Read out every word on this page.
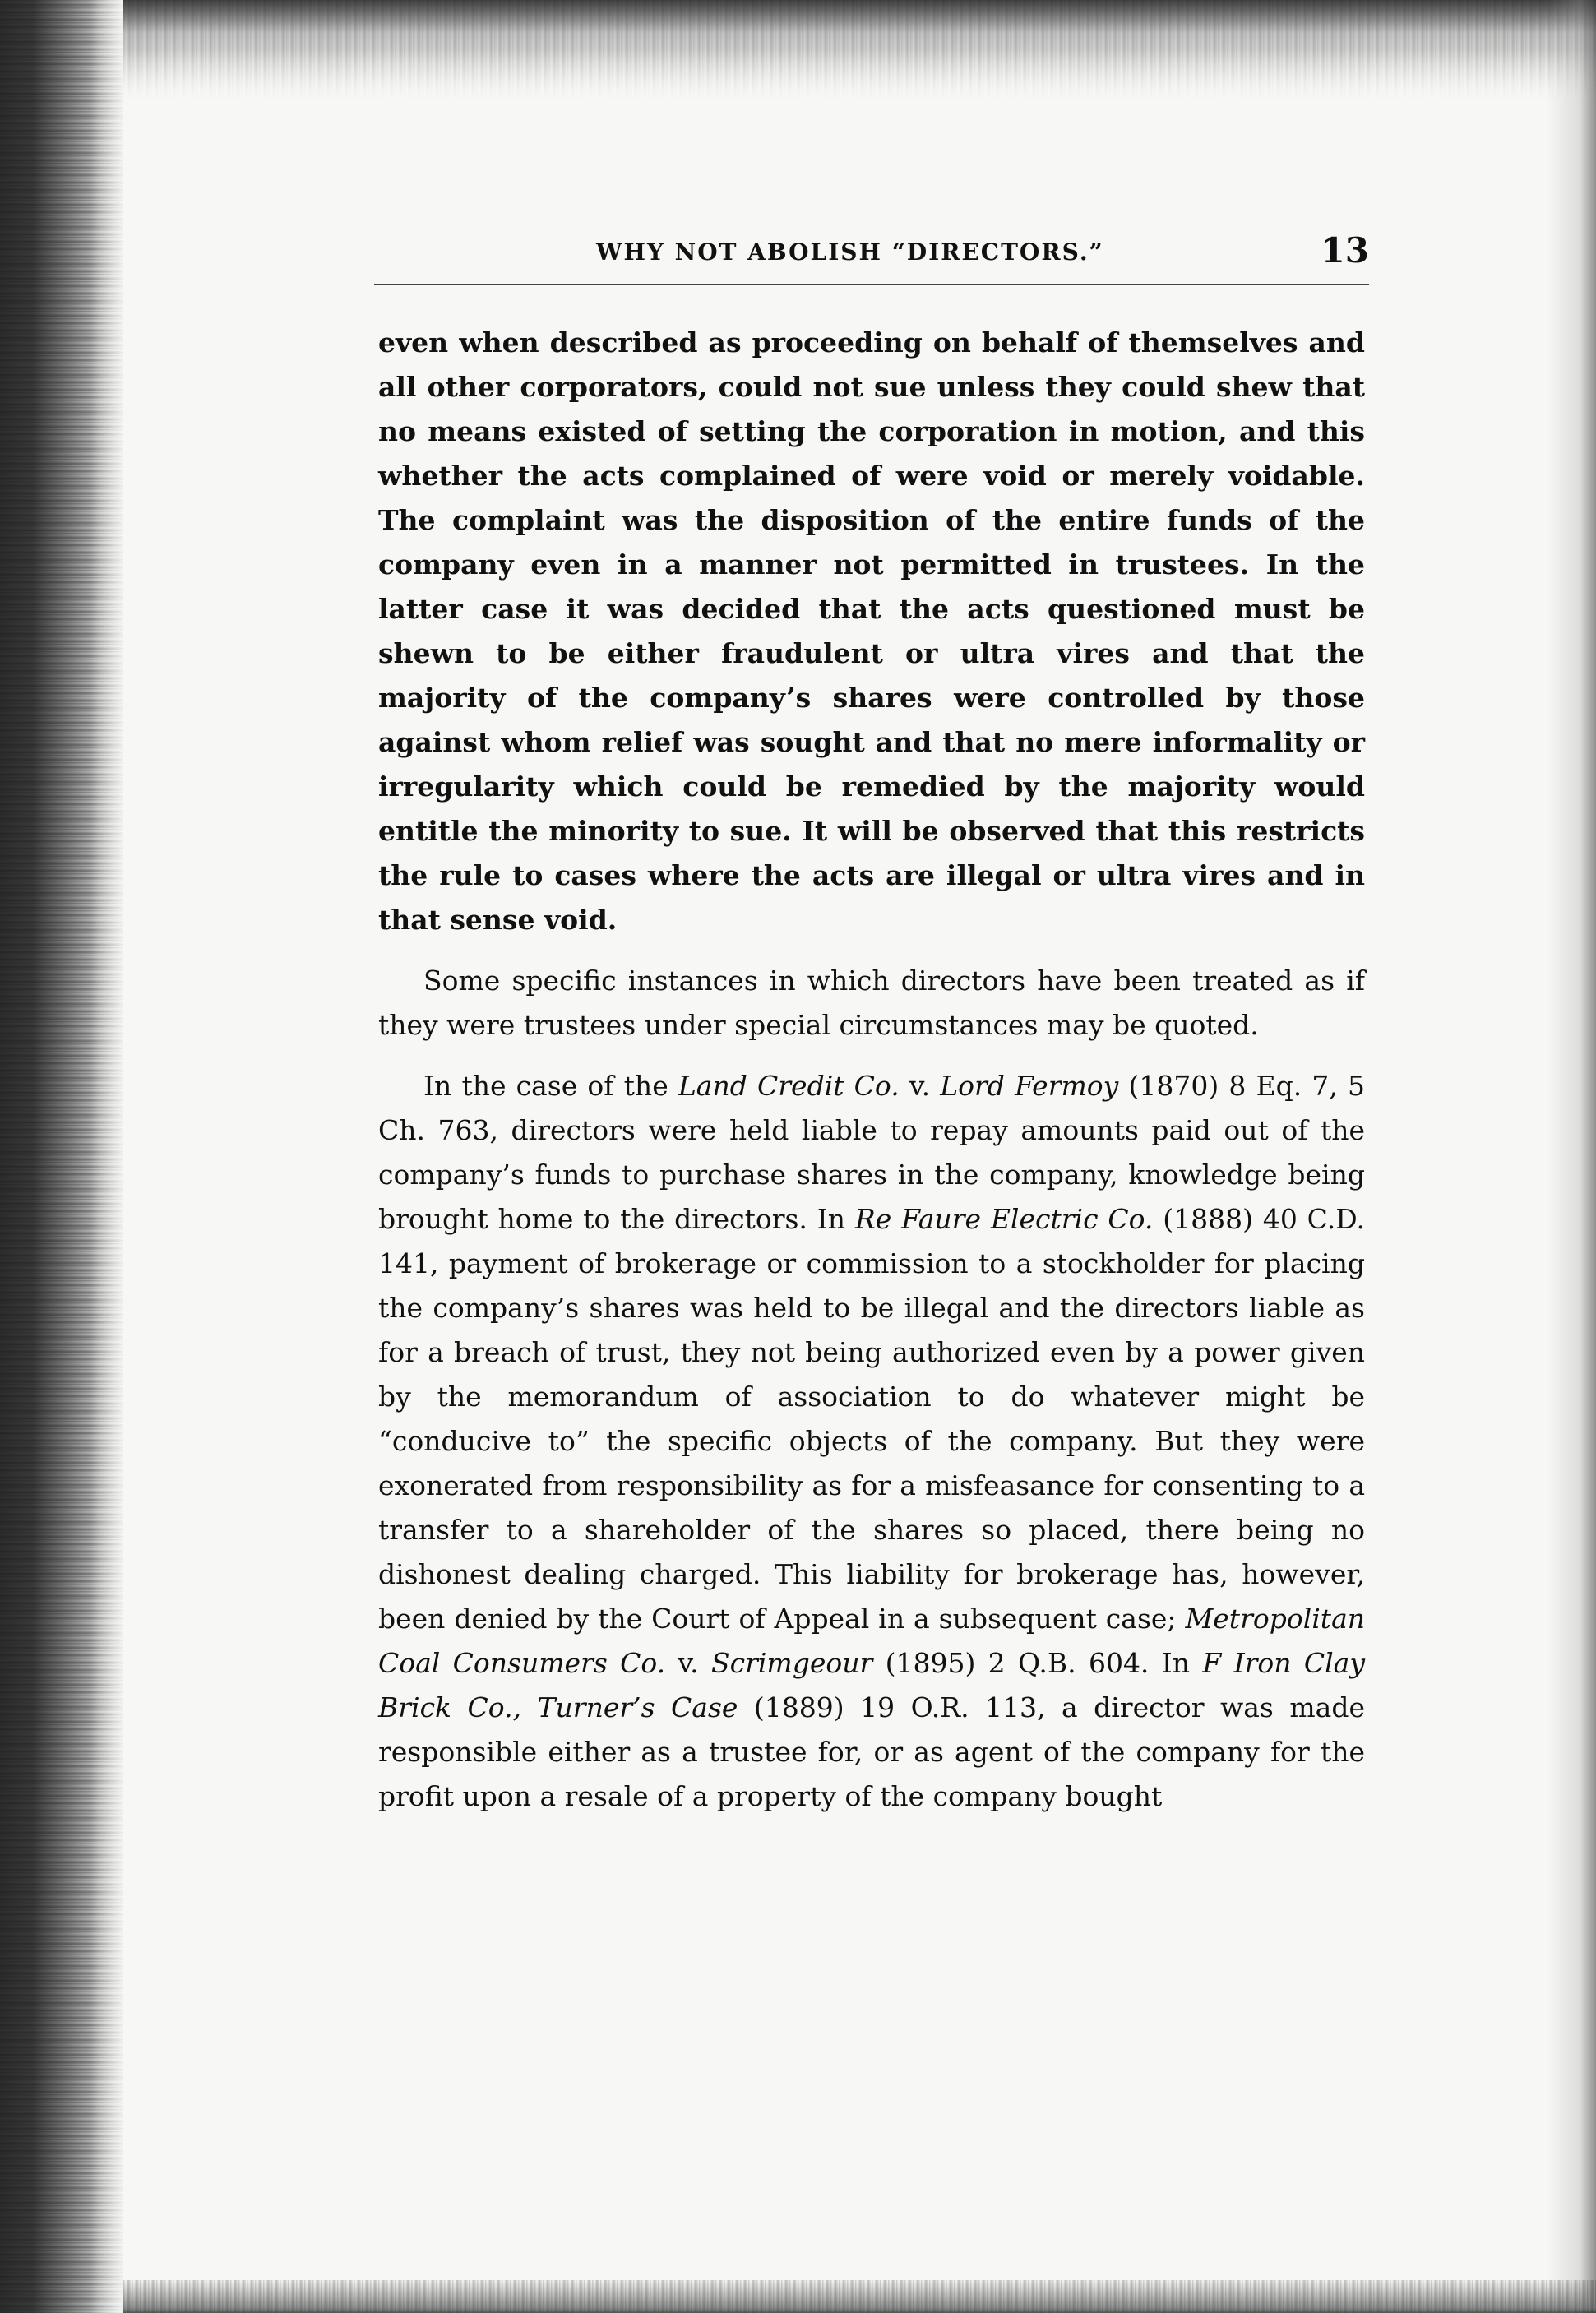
WHY NOT ABOLISH “DIRECTORS.”	13

even when described as proceeding on behalf of themselves and all other corporators, could not sue unless they could shew that no means existed of setting the corporation in motion, and this whether the acts complained of were void or merely voidable. The complaint was the disposition of the entire funds of the company even in a manner not permitted in trustees. In the latter case it was decided that the acts questioned must be shewn to be either fraudulent or ultra vires and that the majority of the company’s shares were controlled by those against whom relief was sought and that no mere informality or irregularity which could be remedied by the majority would entitle the minority to sue. It will be observed that this restricts the rule to cases where the acts are illegal or ultra vires and in that sense void.

Some specific instances in which directors have been treated as if they were trustees under special circumstances may be quoted.

In the case of the Land Credit Co. v. Lord Fermoy (1870) 8 Eq. 7, 5 Ch. 763, directors were held liable to repay amounts paid out of the company’s funds to purchase shares in the company, knowledge being brought home to the directors. In Re Faure Electric Co. (1888) 40 C.D. 141, payment of brokerage or commission to a stockholder for placing the company’s shares was held to be illegal and the directors liable as for a breach of trust, they not being authorized even by a power given by the memorandum of association to do whatever might be “conducive to” the specific objects of the company. But they were exonerated from responsibility as for a misfeasance for consenting to a transfer to a shareholder of the shares so placed, there being no dishonest dealing charged. This liability for brokerage has, however, been denied by the Court of Appeal in a subsequent case; Metropolitan Coal Consumers Co. v. Scrimgeour (1895) 2 Q.B. 604. In F Iron Clay Brick Co., Turner’s Case (1889) 19 O.R. 113, a director was made responsible either as a trustee for, or as agent of the company for the profit upon a resale of a property of the company bought
